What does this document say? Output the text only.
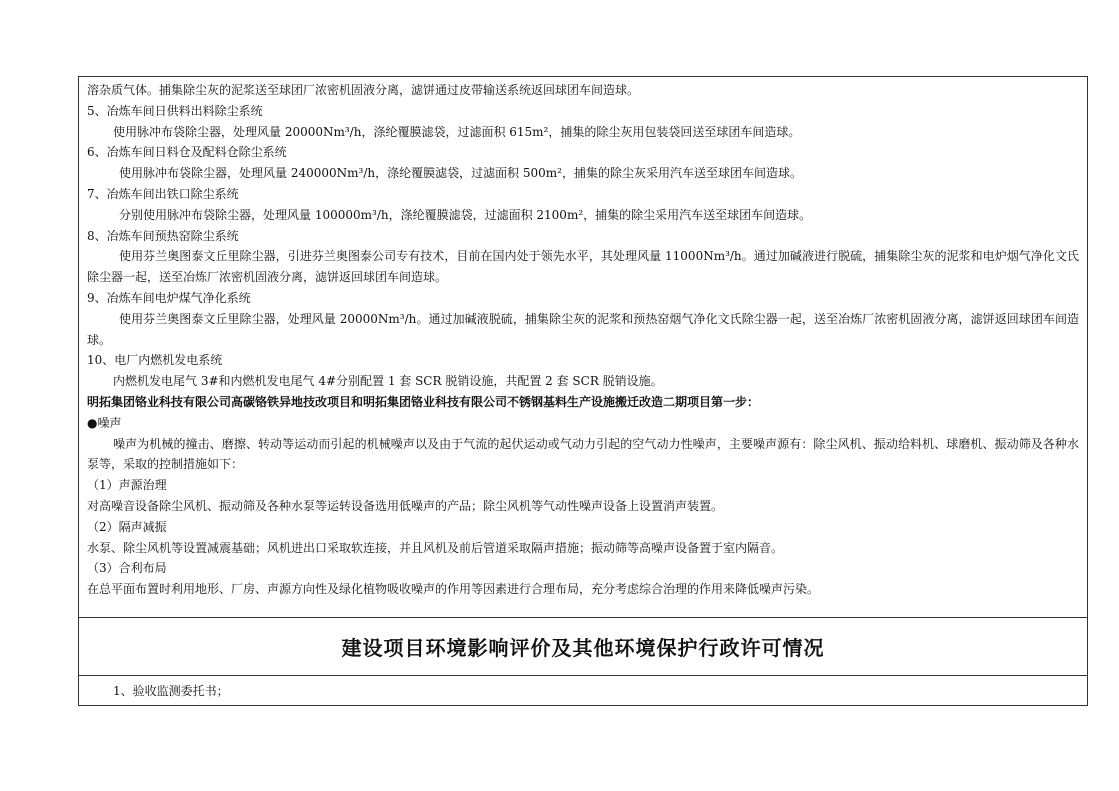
溶杂质气体。捕集除尘灰的泥浆送至球团厂浓密机固液分离，滤饼通过皮带输送系统返回球团车间造球。
5、冶炼车间日供料出料除尘系统
使用脉冲布袋除尘器，处理风量 20000Nm³/h，涤纶覆膜滤袋，过滤面积 615m²，捕集的除尘灰用包装袋回送至球团车间造球。
6、冶炼车间日料仓及配料仓除尘系统
使用脉冲布袋除尘器，处理风量 240000Nm³/h，涤纶覆膜滤袋，过滤面积 500m²，捕集的除尘灰采用汽车送至球团车间造球。
7、冶炼车间出铁口除尘系统
分别使用脉冲布袋除尘器，处理风量 100000m³/h，涤纶覆膜滤袋，过滤面积 2100m²，捕集的除尘采用汽车送至球团车间造球。
8、冶炼车间预热窑除尘系统
使用芬兰奥图泰文丘里除尘器，引进芬兰奥图泰公司专有技术，目前在国内处于领先水平，其处理风量 11000Nm³/h。通过加碱液进行脱硫，捕集除尘灰的泥浆和电炉烟气净化文氏除尘器一起，送至冶炼厂浓密机固液分离，滤饼返回球团车间造球。
9、冶炼车间电炉煤气净化系统
使用芬兰奥图泰文丘里除尘器，处理风量 20000Nm³/h。通过加碱液脱硫，捕集除尘灰的泥浆和预热窑烟气净化文氏除尘器一起，送至冶炼厂浓密机固液分离，滤饼返回球团车间造球。
10、电厂内燃机发电系统
内燃机发电尾气 3#和内燃机发电尾气 4#分别配置 1 套 SCR 脱销设施，共配置 2 套 SCR 脱销设施。
明拓集团铬业科技有限公司高碳铬铁异地技改项目和明拓集团铬业科技有限公司不锈钢基料生产设施搬迁改造二期项目第一步：
●噪声
噪声为机械的撞击、磨擦、转动等运动而引起的机械噪声以及由于气流的起伏运动或气动力引起的空气动力性噪声，主要噪声源有：除尘风机、振动给料机、球磨机、振动筛及各种水泵等，采取的控制措施如下：
（1）声源治理
对高噪音设备除尘风机、振动筛及各种水泵等运转设备选用低噪声的产品；除尘风机等气动性噪声设备上设置消声装置。
（2）隔声减振
水泵、除尘风机等设置减震基础；风机进出口采取软连接，并且风机及前后管道采取隔声措施；振动筛等高噪声设备置于室内隔音。
（3）合利布局
在总平面布置时利用地形、厂房、声源方向性及绿化植物吸收噪声的作用等因素进行合理布局，充分考虑综合治理的作用来降低噪声污染。
建设项目环境影响评价及其他环境保护行政许可情况
1、验收监测委托书；
